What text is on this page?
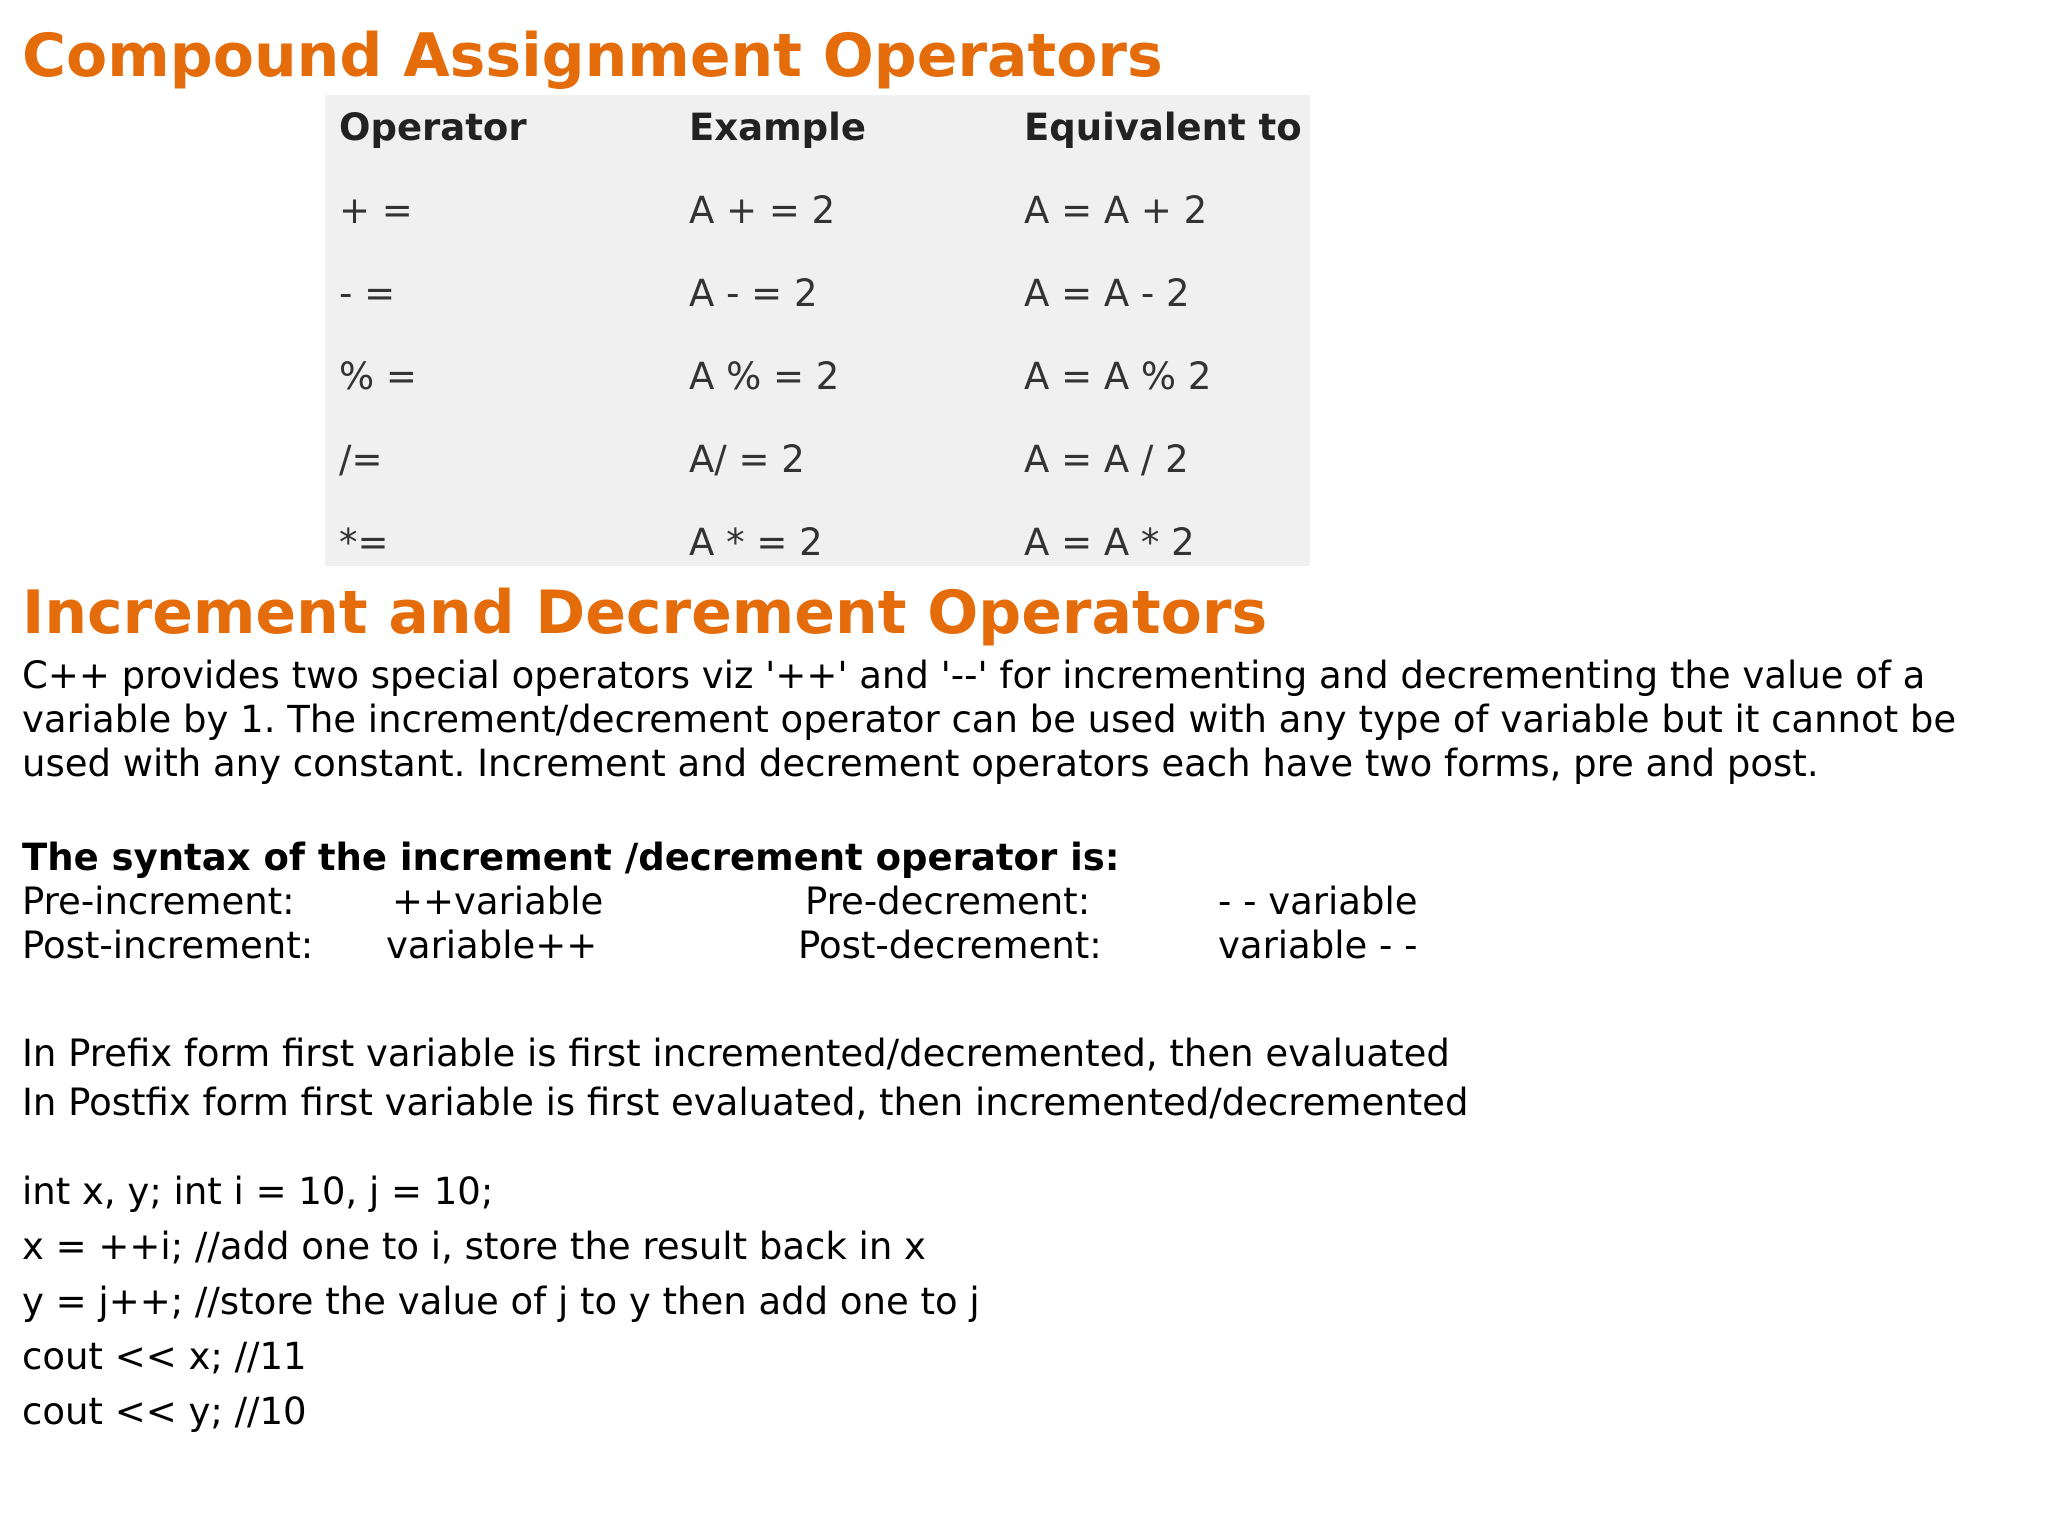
Compound Assignment Operators
Operator	Example	Equivalent to
+ =	A + = 2	A = A + 2
- =	A - = 2	A = A - 2
% =	A % = 2	A = A % 2
/=	A/ = 2	A = A / 2
*=	A * = 2	A = A * 2
Increment and Decrement Operators

C++ provides two special operators viz '++' and '--' for incrementing and decrementing the value of a variable by 1. The increment/decrement operator can be used with any type of variable but it cannot be used with any constant. Increment and decrement operators each have two forms, pre and post.

The syntax of the increment /decrement operator is:
Pre-increment:	++variable	Pre-decrement:	- - variable
Post-increment: variable++	Post-decrement:	variable - -
In Prefix form first variable is first incremented/decremented, then evaluated
In Postfix form first variable is first evaluated, then incremented/decremented
int x, y; int i = 10, j = 10;
x = ++i; //add one to i, store the result back in x
y = j++; //store the value of j to y then add one to j
cout << x; //11
cout << y; //10
